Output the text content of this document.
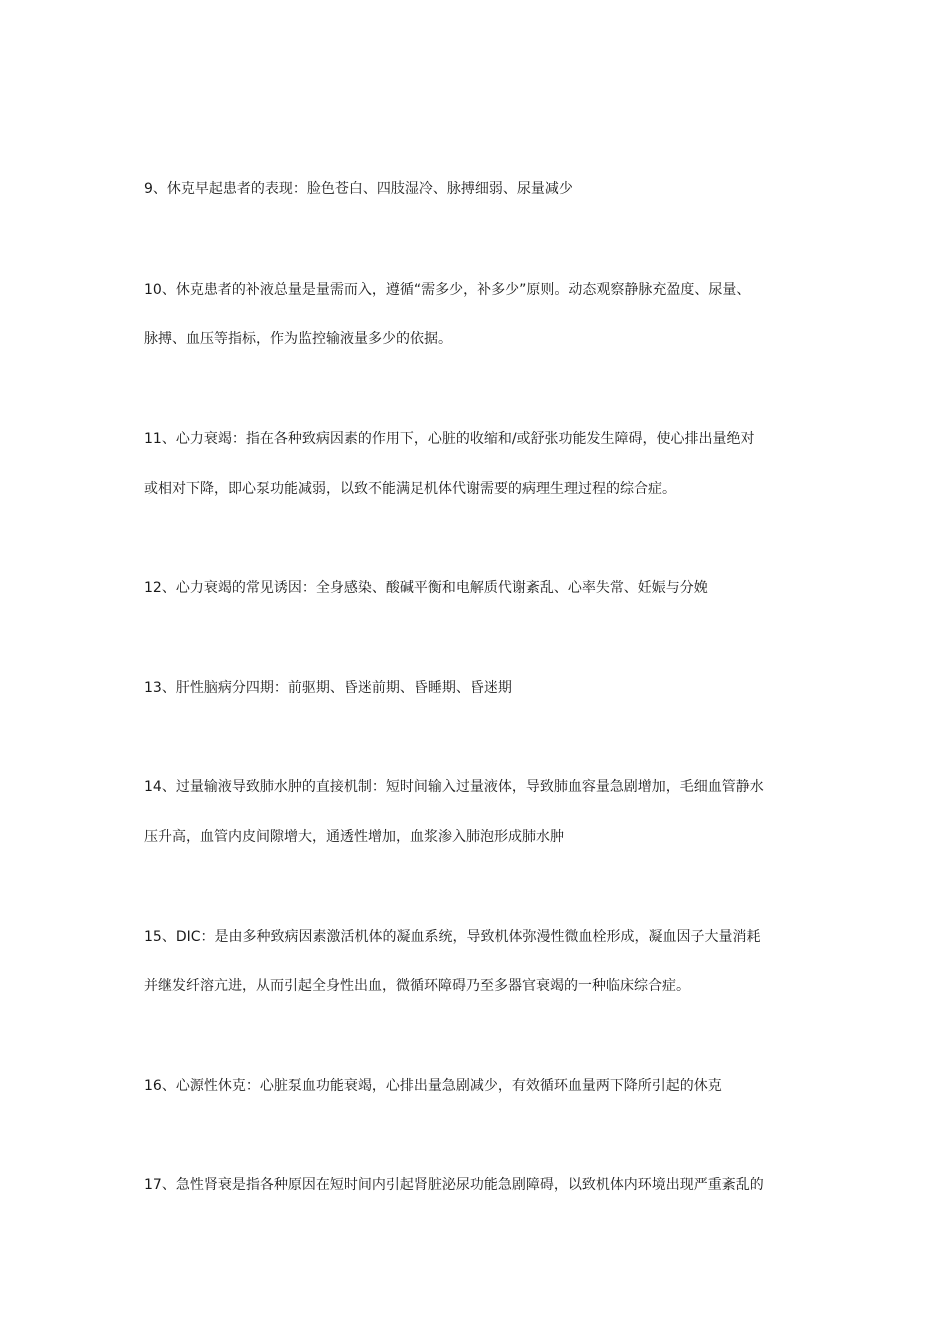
9、休克早起患者的表现：脸色苍白、四肢湿冷、脉搏细弱、尿量减少
10、休克患者的补液总量是量需而入，遵循“需多少，补多少”原则。动态观察静脉充盈度、尿量、
脉搏、血压等指标，作为监控输液量多少的依据。
11、心力衰竭：指在各种致病因素的作用下，心脏的收缩和/或舒张功能发生障碍，使心排出量绝对
或相对下降，即心泵功能减弱，以致不能满足机体代谢需要的病理生理过程的综合症。
12、心力衰竭的常见诱因：全身感染、酸碱平衡和电解质代谢紊乱、心率失常、妊娠与分娩
13、肝性脑病分四期：前驱期、昏迷前期、昏睡期、昏迷期
14、过量输液导致肺水肿的直接机制：短时间输入过量液体，导致肺血容量急剧增加，毛细血管静水
压升高，血管内皮间隙增大，通透性增加，血浆渗入肺泡形成肺水肿
15、DIC：是由多种致病因素激活机体的凝血系统，导致机体弥漫性微血栓形成，凝血因子大量消耗
并继发纤溶亢进，从而引起全身性出血，微循环障碍乃至多器官衰竭的一种临床综合症。
16、心源性休克：心脏泵血功能衰竭，心排出量急剧减少，有效循环血量两下降所引起的休克
17、急性肾衰是指各种原因在短时间内引起肾脏泌尿功能急剧障碍，以致机体内环境出现严重紊乱的
